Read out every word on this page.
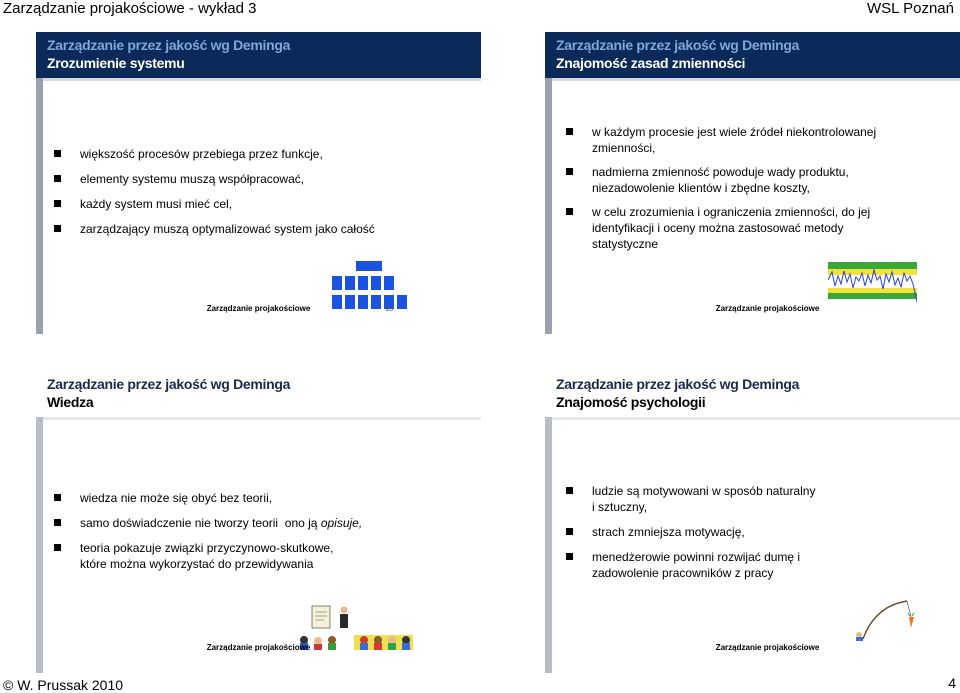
Zarządzanie projakościowe - wykład 3	WSL Poznań
Zarządzanie przez jakość wg Deminga
Zrozumienie systemu
większość procesów przebiega przez funkcje,
elementy systemu muszą współpracować,
każdy system musi mieć cel,
zarządzający muszą optymalizować system jako całość
Zarządzanie projakościowe	13
Zarządzanie przez jakość wg Deminga
Znajomość zasad zmienności
w każdym procesie jest wiele źródeł niekontrolowanej zmienności,
nadmierna zmienność powoduje wady produktu, niezadowolenie klientów i zbędne koszty,
w celu zrozumienia i ograniczenia zmienności, do jej identyfikacji i oceny można zastosować metody statystyczne
Zarządzanie projakościowe
Zarządzanie przez jakość wg Deminga
Wiedza
wiedza nie może się obyć bez teorii,
samo doświadczenie nie tworzy teorii ono ją opisuje,
teoria pokazuje związki przyczynowo-skutkowe, które można wykorzystać do przewidywania
Zarządzanie projakościowe
Zarządzanie przez jakość wg Deminga
Znajomość psychologii
ludzie są motywowani w sposób naturalny i sztuczny,
strach zmniejsza motywację,
menedżerowie powinni rozwijać dumę i zadowolenie pracowników z pracy
Zarządzanie projakościowe
© W. Prussak 2010	4
